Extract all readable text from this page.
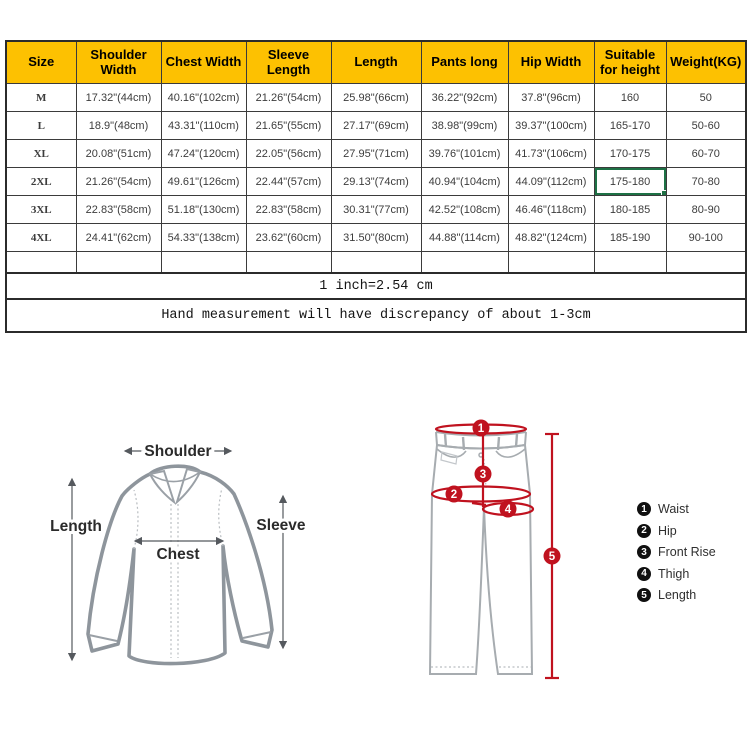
Size	Shoulder Width	Chest Width	Sleeve Length	Length	Pants long	Hip Width	Suitable for height	Weight(KG)
M	17.32"(44cm)	40.16"(102cm)	21.26"(54cm)	25.98"(66cm)	36.22"(92cm)	37.8"(96cm)	160	50
L	18.9"(48cm)	43.31"(110cm)	21.65"(55cm)	27.17"(69cm)	38.98"(99cm)	39.37"(100cm)	165-170	50-60
XL	20.08"(51cm)	47.24"(120cm)	22.05"(56cm)	27.95"(71cm)	39.76"(101cm)	41.73"(106cm)	170-175	60-70
2XL	21.26"(54cm)	49.61"(126cm)	22.44"(57cm)	29.13"(74cm)	40.94"(104cm)	44.09"(112cm)	175-180	70-80
3XL	22.83"(58cm)	51.18"(130cm)	22.83"(58cm)	30.31"(77cm)	42.52"(108cm)	46.46"(118cm)	180-185	80-90
4XL	24.41"(62cm)	54.33"(138cm)	23.62"(60cm)	31.50"(80cm)	44.88"(114cm)	48.82"(124cm)	185-190	90-100

1 inch=2.54 cm								
Hand measurement will have discrepancy of about 1-3cm								
Shoulder
Length	Sleeve
Chest
1
2
3
4
5
1 Waist
2 Hip
3 Front Rise
4 Thigh
5 Length
